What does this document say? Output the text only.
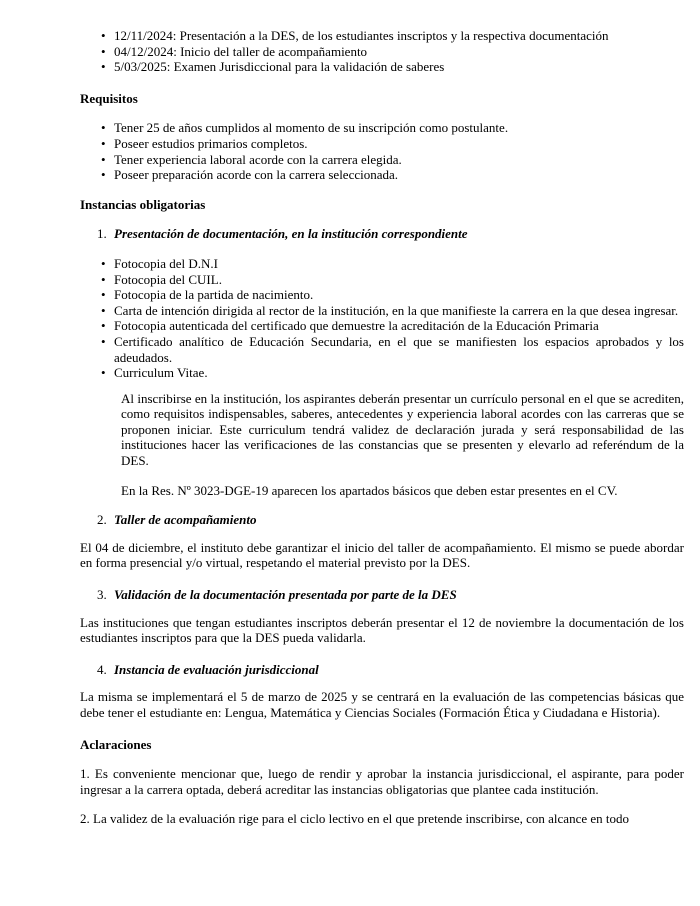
• 12/11/2024: Presentación a la DES, de los estudiantes inscriptos y la respectiva documentación
• 04/12/2024: Inicio del taller de acompañamiento
• 5/03/2025: Examen Jurisdiccional para la validación de saberes
Requisitos
• Tener 25 de años cumplidos al momento de su inscripción como postulante.
• Poseer estudios primarios completos.
• Tener experiencia laboral acorde con la carrera elegida.
• Poseer preparación acorde con la carrera seleccionada.
Instancias obligatorias
1. Presentación de documentación, en la institución correspondiente
• Fotocopia del D.N.I
• Fotocopia del CUIL.
• Fotocopia de la partida de nacimiento.
• Carta de intención dirigida al rector de la institución, en la que manifieste la carrera en la que desea ingresar.
• Fotocopia autenticada del certificado que demuestre la acreditación de la Educación Primaria
• Certificado analítico de Educación Secundaria, en el que se manifiesten los espacios aprobados y los adeudados.
• Curriculum Vitae.

Al inscribirse en la institución, los aspirantes deberán presentar un currículo personal en el que se acrediten, como requisitos indispensables, saberes, antecedentes y experiencia laboral acordes con las carreras que se proponen iniciar. Este curriculum tendrá validez de declaración jurada y será responsabilidad de las instituciones hacer las verificaciones de las constancias que se presenten y elevarlo ad referéndum de la DES.

En la Res. Nº 3023-DGE-19 aparecen los apartados básicos que deben estar presentes en el CV.

2. Taller de acompañamiento

El 04 de diciembre, el instituto debe garantizar el inicio del taller de acompañamiento. El mismo se puede abordar en forma presencial y/o virtual, respetando el material previsto por la DES.

3. Validación de la documentación presentada por parte de la DES

Las instituciones que tengan estudiantes inscriptos deberán presentar el 12 de noviembre la documentación de los estudiantes inscriptos para que la DES pueda validarla.

4. Instancia de evaluación jurisdiccional

La misma se implementará el 5 de marzo de 2025 y se centrará en la evaluación de las competencias básicas que debe tener el estudiante en: Lengua, Matemática y Ciencias Sociales (Formación Ética y Ciudadana e Historia).

Aclaraciones

1. Es conveniente mencionar que, luego de rendir y aprobar la instancia jurisdiccional, el aspirante, para poder ingresar a la carrera optada, deberá acreditar las instancias obligatorias que plantee cada institución.

2. La validez de la evaluación rige para el ciclo lectivo en el que pretende inscribirse, con alcance en todo
